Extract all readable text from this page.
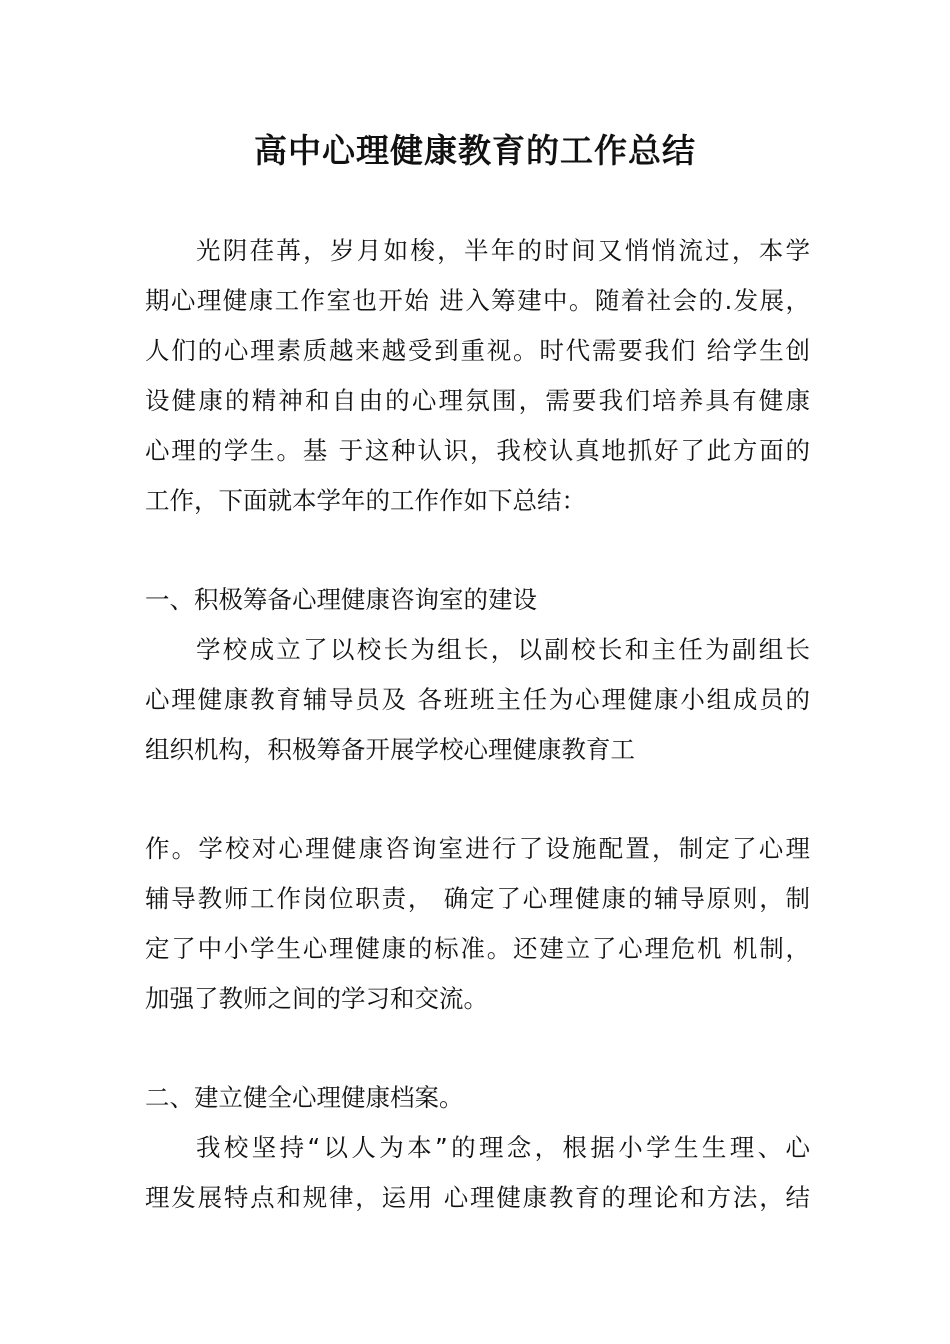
高中心理健康教育的工作总结
光阴荏苒，岁月如梭，半年的时间又悄悄流过，本学
期心理健康工作室也开始 进入筹建中。随着社会的.发展，
人们的心理素质越来越受到重视。时代需要我们 给学生创
设健康的精神和自由的心理氛围，需要我们培养具有健康
心理的学生。基 于这种认识，我校认真地抓好了此方面的
工作，下面就本学年的工作作如下总结：
一、积极筹备心理健康咨询室的建设
学校成立了以校长为组长，以副校长和主任为副组长
心理健康教育辅导员及 各班班主任为心理健康小组成员的
组织机构，积极筹备开展学校心理健康教育工
作。学校对心理健康咨询室进行了设施配置，制定了心理
辅导教师工作岗位职责， 确定了心理健康的辅导原则，制
定了中小学生心理健康的标准。还建立了心理危机 机制，
加强了教师之间的学习和交流。
二、建立健全心理健康档案。
我校坚持“以人为本”的理念，根据小学生生理、心
理发展特点和规律，运用 心理健康教育的理论和方法，结
